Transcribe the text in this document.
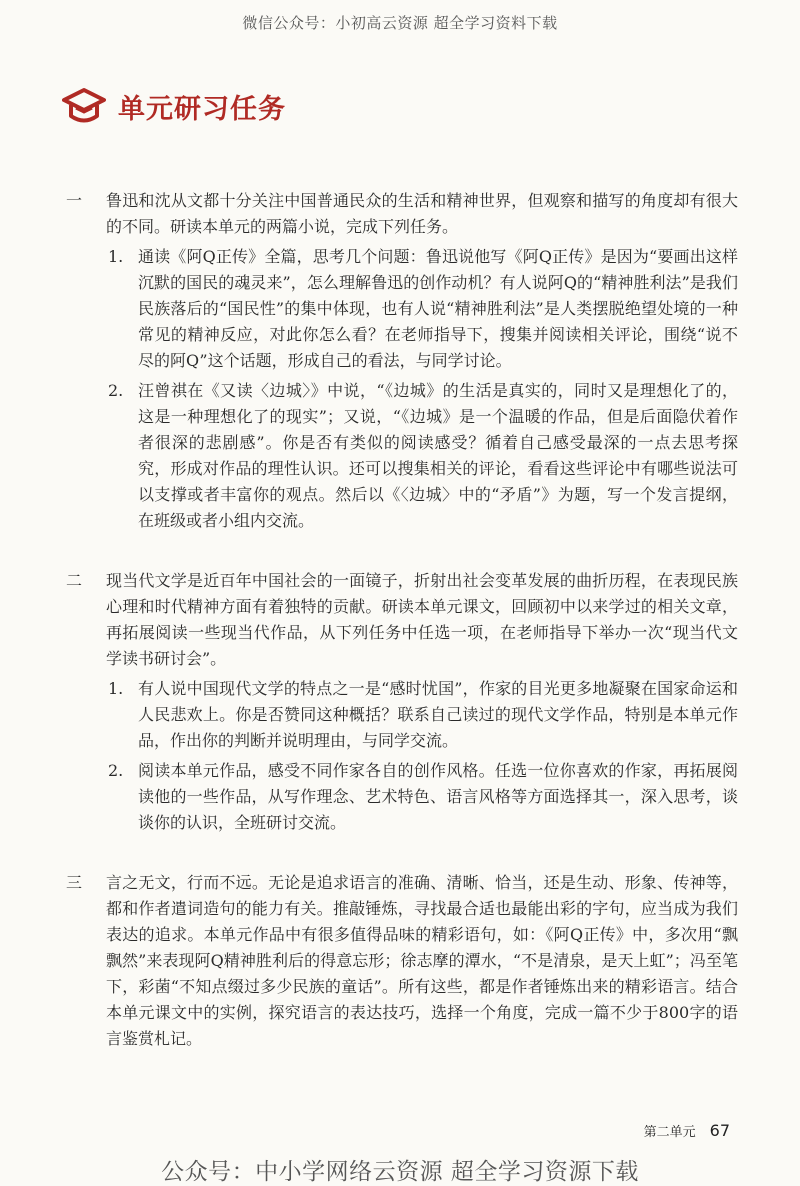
微信公众号：小初高云资源 超全学习资料下载
单元研习任务
一	鲁迅和沈从文都十分关注中国普通民众的生活和精神世界，但观察和描写的角度却有很大的不同。研读本单元的两篇小说，完成下列任务。

1. 通读《阿Q正传》全篇，思考几个问题：鲁迅说他写《阿Q正传》是因为“要画出这样沉默的国民的魂灵来”，怎么理解鲁迅的创作动机？有人说阿Q的“精神胜利法”是我们民族落后的“国民性”的集中体现，也有人说“精神胜利法”是人类摆脱绝望处境的一种常见的精神反应，对此你怎么看？在老师指导下，搜集并阅读相关评论，围绕“说不尽的阿Q”这个话题，形成自己的看法，与同学讨论。
2. 汪曾祺在《又读〈边城〉》中说，“《边城》的生活是真实的，同时又是理想化了的，这是一种理想化了的现实”；又说，“《边城》是一个温暖的作品，但是后面隐伏着作者很深的悲剧感”。你是否有类似的阅读感受？循着自己感受最深的一点去思考探究，形成对作品的理性认识。还可以搜集相关的评论，看看这些评论中有哪些说法可以支撑或者丰富你的观点。然后以《〈边城〉中的“矛盾”》为题，写一个发言提纲，在班级或者小组内交流。
二	现当代文学是近百年中国社会的一面镜子，折射出社会变革发展的曲折历程，在表现民族心理和时代精神方面有着独特的贡献。研读本单元课文，回顾初中以来学过的相关文章，再拓展阅读一些现当代作品，从下列任务中任选一项，在老师指导下举办一次“现当代文学读书研讨会”。

1. 有人说中国现代文学的特点之一是“感时忧国”，作家的目光更多地凝聚在国家命运和人民悲欢上。你是否赞同这种概括？联系自己读过的现代文学作品，特别是本单元作品，作出你的判断并说明理由，与同学交流。
2. 阅读本单元作品，感受不同作家各自的创作风格。任选一位你喜欢的作家，再拓展阅读他的一些作品，从写作理念、艺术特色、语言风格等方面选择其一，深入思考，谈谈你的认识，全班研讨交流。
三	言之无文，行而不远。无论是追求语言的准确、清晰、恰当，还是生动、形象、传神等，都和作者遣词造句的能力有关。推敲锤炼，寻找最合适也最能出彩的字句，应当成为我们表达的追求。本单元作品中有很多值得品味的精彩语句，如：《阿Q正传》中，多次用“飘飘然”来表现阿Q精神胜利后的得意忘形；徐志摩的潭水，“不是清泉，是天上虹”；冯至笔下，彩菌“不知点缀过多少民族的童话”。所有这些，都是作者锤炼出来的精彩语言。结合本单元课文中的实例，探究语言的表达技巧，选择一个角度，完成一篇不少于800字的语言鉴赏札记。

第二单元 67
公众号：中小学网络云资源 超全学习资源下载
